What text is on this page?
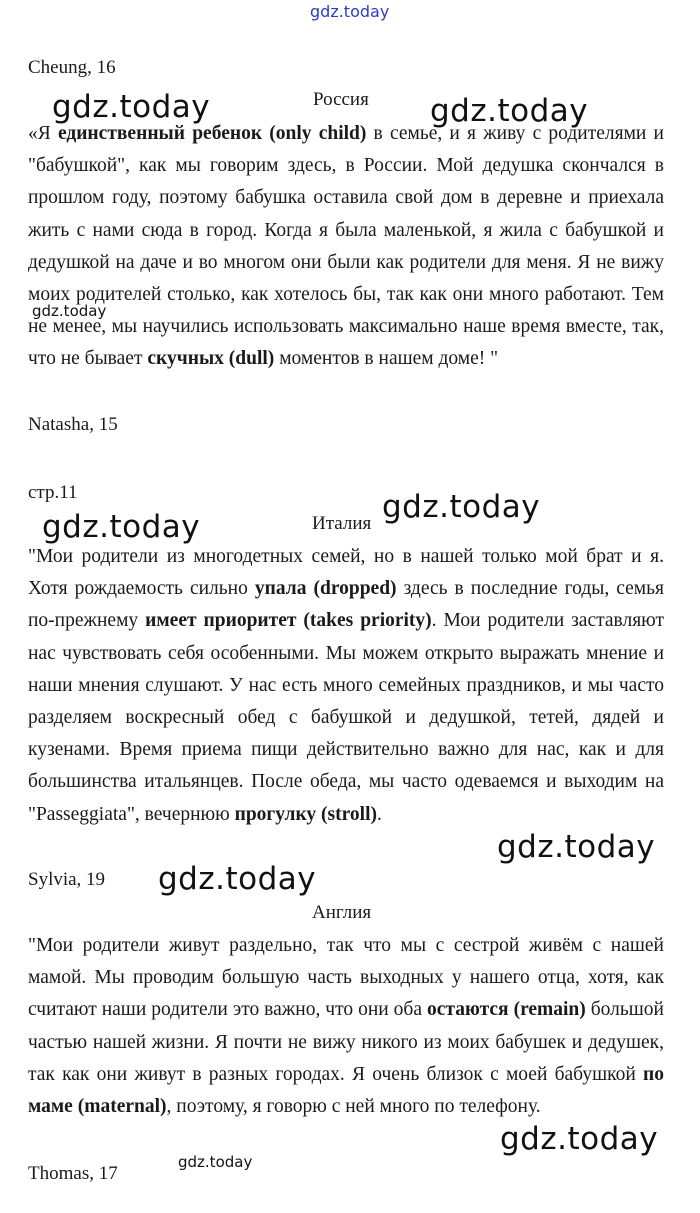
gdz.today
gdz.today	gdz.today
gdz.today
gdz.today
gdz.today
gdz.today
gdz.today
gdz.today
gdz.today
Cheung, 16
Россия
«Я единственный ребенок (only child) в семье, и я живу с родителями и "бабушкой", как мы говорим здесь, в России. Мой дедушка скончался в прошлом году, поэтому бабушка оставила свой дом в деревне и приехала жить с нами сюда в город. Когда я была маленькой, я жила с бабушкой и дедушкой на даче и во многом они были как родители для меня. Я не вижу моих родителей столько, как хотелось бы, так как они много работают. Тем не менее, мы научились использовать максимально наше время вместе, так, что не бывает скучных (dull) моментов в нашем доме! "
Natasha, 15
стр.11
Италия
"Мои родители из многодетных семей, но в нашей только мой брат и я. Хотя рождаемость сильно упала (dropped) здесь в последние годы, семья по-прежнему имеет приоритет (takes priority). Мои родители заставляют нас чувствовать себя особенными. Мы можем открыто выражать мнение и наши мнения слушают. У нас есть много семейных праздников, и мы часто разделяем воскресный обед с бабушкой и дедушкой, тетей, дядей и кузенами. Время приема пищи действительно важно для нас, как и для большинства итальянцев. После обеда, мы часто одеваемся и выходим на "Passeggiata", вечернюю прогулку (stroll).
Sylvia, 19
Англия
"Мои родители живут раздельно, так что мы с сестрой живём с нашей мамой. Мы проводим большую часть выходных у нашего отца, хотя, как считают наши родители это важно, что они оба остаются (remain) большой частью нашей жизни. Я почти не вижу никого из моих бабушек и дедушек, так как они живут в разных городах. Я очень близок с моей бабушкой по маме (maternal), поэтому, я говорю с ней много по телефону.
Thomas, 17
